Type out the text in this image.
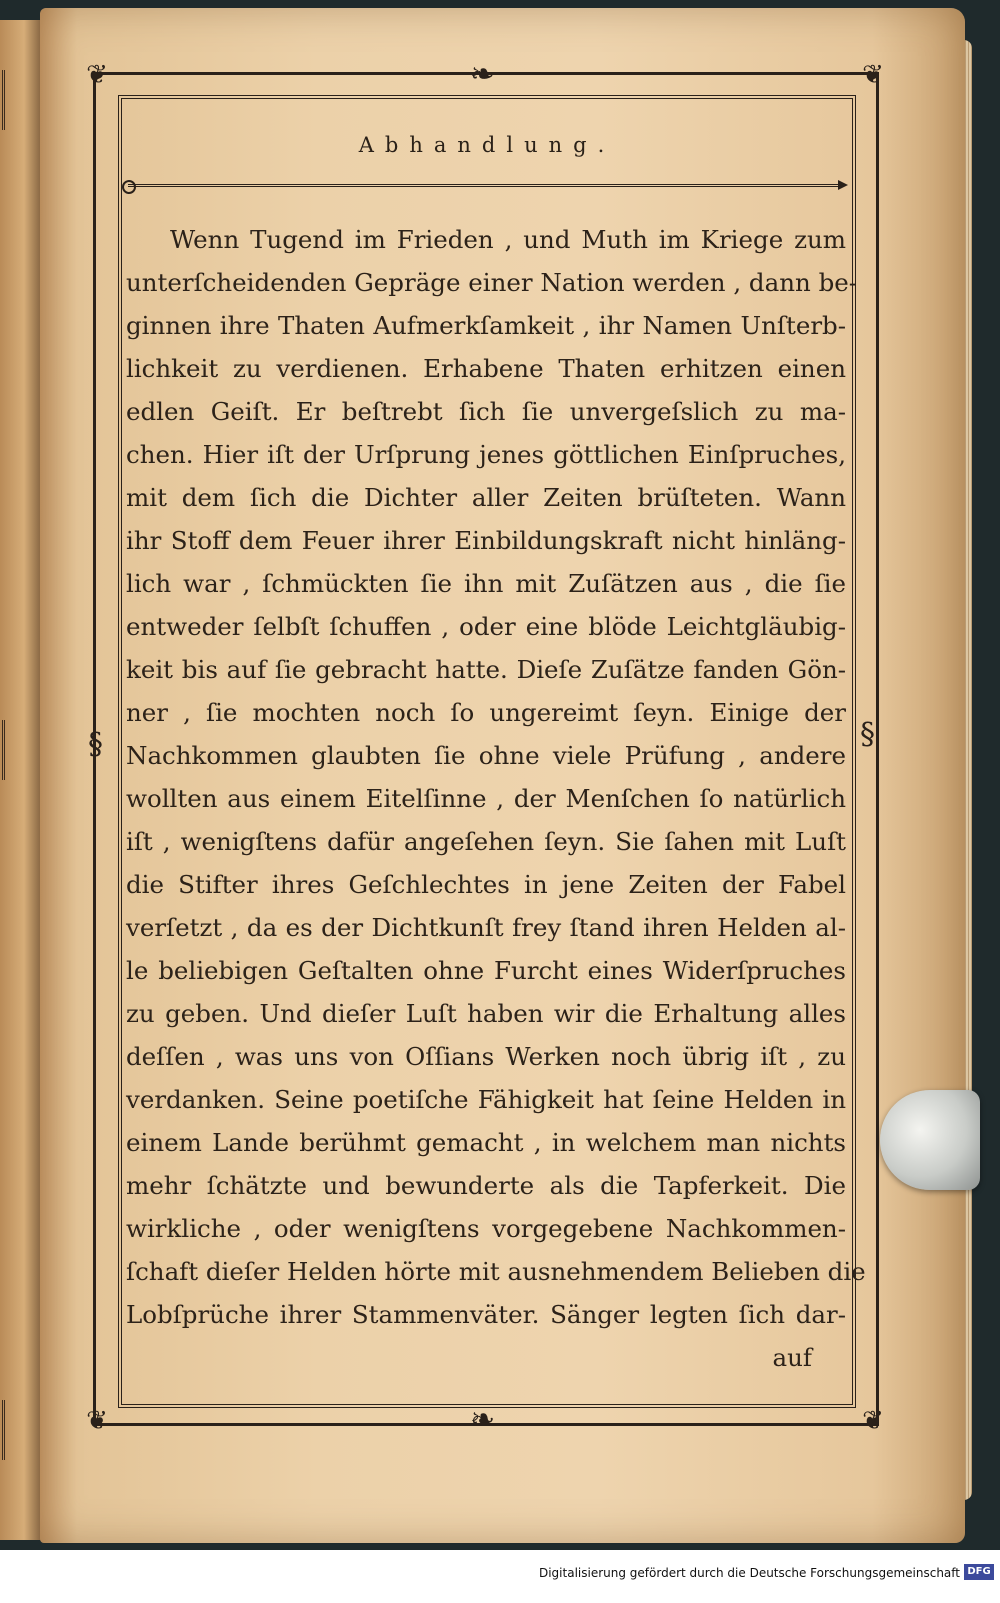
❦	❦
❦	❦
❧
❧
§	§
Abhandlung.
Wenn Tugend im Frieden , und Muth im Kriege zum
unterſcheidenden Gepräge einer Nation werden , dann be-
ginnen ihre Thaten Aufmerkſamkeit , ihr Namen Unſterb-
lichkeit zu verdienen. Erhabene Thaten erhitzen einen
edlen Geiſt. Er beſtrebt ſich ſie unvergeſslich zu ma-
chen. Hier iſt der Urſprung jenes göttlichen Einſpruches,
mit dem ſich die Dichter aller Zeiten brüſteten. Wann
ihr Stoff dem Feuer ihrer Einbildungskraft nicht hinläng-
lich war , ſchmückten ſie ihn mit Zuſätzen aus , die ſie
entweder ſelbſt ſchuffen , oder eine blöde Leichtgläubig-
keit bis auf ſie gebracht hatte. Dieſe Zuſätze fanden Gön-
ner , ſie mochten noch ſo ungereimt ſeyn. Einige der
Nachkommen glaubten ſie ohne viele Prüfung , andere
wollten aus einem Eitelſinne , der Menſchen ſo natürlich
iſt , wenigſtens dafür angeſehen ſeyn. Sie ſahen mit Luſt
die Stifter ihres Geſchlechtes in jene Zeiten der Fabel
verſetzt , da es der Dichtkunſt frey ſtand ihren Helden al-
le beliebigen Geſtalten ohne Furcht eines Widerſpruches
zu geben. Und dieſer Luſt haben wir die Erhaltung alles
deſſen , was uns von Oſſians Werken noch übrig iſt , zu
verdanken. Seine poetiſche Fähigkeit hat ſeine Helden in
einem Lande berühmt gemacht , in welchem man nichts
mehr ſchätzte und bewunderte als die Tapferkeit. Die
wirkliche , oder wenigſtens vorgegebene Nachkommen-
ſchaft dieſer Helden hörte mit ausnehmendem Belieben die
Lobſprüche ihrer Stammenväter. Sänger legten ſich dar-
auf
Digitalisierung gefördert durch die Deutsche Forschungsgemeinschaft DFG
